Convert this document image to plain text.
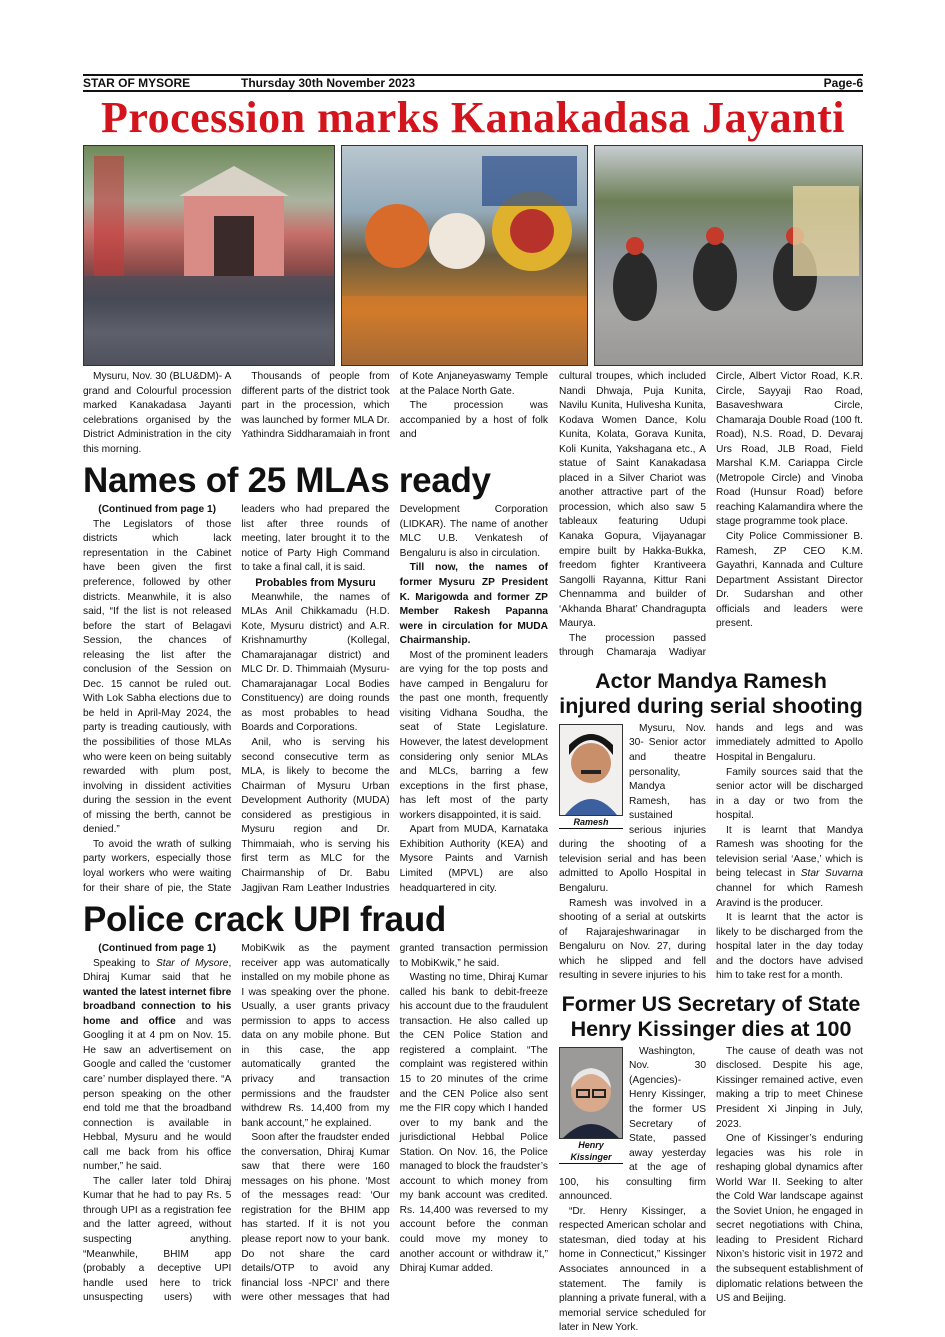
STAR OF MYSORE	Thursday 30th November 2023	Page-6
Procession marks Kanakadasa Jayanti

Mysuru, Nov. 30 (BLU&DM)- A grand and Colourful procession marked Kanakadasa Jayanti celebrations organised by the District Administration in the city this morning.

Thousands of people from different parts of the district took part in the procession, which was launched by former MLA Dr. Yathindra Siddharamaiah in front of Kote Anjaneyaswamy Temple at the Palace North Gate.

The procession was accompanied by a host of folk and

Names of 25 MLAs ready

(Continued from page 1)

The Legislators of those districts which lack representation in the Cabinet have been given the first preference, followed by other districts. Meanwhile, it is also said, “If the list is not released before the start of Belagavi Session, the chances of releasing the list after the conclusion of the Session on Dec. 15 cannot be ruled out. With Lok Sabha elections due to be held in April-May 2024, the party is treading cautiously, with the possibilities of those MLAs who were keen on being suitably rewarded with plum post, involving in dissident activities during the session in the event of missing the berth, cannot be denied.”

To avoid the wrath of sulking party workers, especially those loyal workers who were waiting for their share of pie, the State leaders who had prepared the list after three rounds of meeting, later brought it to the notice of Party High Command to take a final call, it is said.

Probables from Mysuru

Meanwhile, the names of MLAs Anil Chikkamadu (H.D. Kote, Mysuru district) and A.R. Krishnamurthy (Kollegal, Chamarajanagar district) and MLC Dr. D. Thimmaiah (Mysuru-Chamarajanagar Local Bodies Constituency) are doing rounds as most probables to head Boards and Corporations.

Anil, who is serving his second consecutive term as MLA, is likely to become the Chairman of Mysuru Urban Development Authority (MUDA) considered as prestigious in Mysuru region and Dr. Thimmaiah, who is serving his first term as MLC for the Chairmanship of Dr. Babu Jagjivan Ram Leather Industries Development Corporation (LIDKAR). The name of another MLC U.B. Venkatesh of Bengaluru is also in circulation.

Till now, the names of former Mysuru ZP President K. Marigowda and former ZP Member Rakesh Papanna were in circulation for MUDA Chairmanship.

Most of the prominent leaders are vying for the top posts and have camped in Bengaluru for the past one month, frequently visiting Vidhana Soudha, the seat of State Legislature. However, the latest development considering only senior MLAs and MLCs, barring a few exceptions in the first phase, has left most of the party workers disappointed, it is said.

Apart from MUDA, Karnataka Exhibition Authority (KEA) and Mysore Paints and Varnish Limited (MPVL) are also headquartered in city.

Police crack UPI fraud

(Continued from page 1)

Speaking to Star of Mysore, Dhiraj Kumar said that he wanted the latest internet fibre broadband connection to his home and office and was Googling it at 4 pm on Nov. 15. He saw an advertisement on Google and called the ‘customer care’ number displayed there. “A person speaking on the other end told me that the broadband connection is available in Hebbal, Mysuru and he would call me back from his office number,” he said.

The caller later told Dhiraj Kumar that he had to pay Rs. 5 through UPI as a registration fee and the latter agreed, without suspecting anything. “Meanwhile, BHIM app (probably a deceptive UPI handle used here to trick unsuspecting users) with MobiKwik as the payment receiver app was automatically installed on my mobile phone as I was speaking over the phone. Usually, a user grants privacy permission to apps to access data on any mobile phone. But in this case, the app automatically granted the privacy and transaction permissions and the fraudster withdrew Rs. 14,400 from my bank account,” he explained.

Soon after the fraudster ended the conversation, Dhiraj Kumar saw that there were 160 messages on his phone. ‘Most of the messages read: ‘Our registration for the BHIM app has started. If it is not you please report now to your bank. Do not share the card details/OTP to avoid any financial loss -NPCI’ and there were other messages that had granted transaction permission to MobiKwik,” he said.

Wasting no time, Dhiraj Kumar called his bank to debit-freeze his account due to the fraudulent transaction. He also called up the CEN Police Station and registered a complaint. “The complaint was registered within 15 to 20 minutes of the crime and the CEN Police also sent me the FIR copy which I handed over to my bank and the jurisdictional Hebbal Police Station. On Nov. 16, the Police managed to block the fraudster’s account to which money from my bank account was credited. Rs. 14,400 was reversed to my account before the conman could move my money to another account or withdraw it,” Dhiraj Kumar added.

cultural troupes, which included Nandi Dhwaja, Puja Kunita, Navilu Kunita, Hulivesha Kunita, Kodava Women Dance, Kolu Kunita, Kolata, Gorava Kunita, Koli Kunita, Yakshagana etc., A statue of Saint Kanakadasa placed in a Silver Chariot was another attractive part of the procession, which also saw 5 tableaux featuring Udupi Kanaka Gopura, Vijayanagar empire built by Hakka-Bukka, freedom fighter Krantiveera Sangolli Rayanna, Kittur Rani Chennamma and builder of ‘Akhanda Bharat’ Chandragupta Maurya.

The procession passed through Chamaraja Wadiyar Circle, Albert Victor Road, K.R. Circle, Sayyaji Rao Road, Basaveshwara Circle, Chamaraja Double Road (100 ft. Road), N.S. Road, D. Devaraj Urs Road, JLB Road, Field Marshal K.M. Cariappa Circle (Metropole Circle) and Vinoba Road (Hunsur Road) before reaching Kalamandira where the stage programme took place.

City Police Commissioner B. Ramesh, ZP CEO K.M. Gayathri, Kannada and Culture Department Assistant Director Dr. Sudarshan and other officials and leaders were present.

Actor Mandya Ramesh injured during serial shooting
Ramesh

Mysuru, Nov. 30- Senior actor and theatre personality, Mandya Ramesh, has sustained serious injuries during the shooting of a television serial and has been admitted to Apollo Hospital in Bengaluru.

Ramesh was involved in a shooting of a serial at outskirts of Rajarajeshwarinagar in Bengaluru on Nov. 27, during which he slipped and fell resulting in severe injuries to his hands and legs and was immediately admitted to Apollo Hospital in Bengaluru.

Family sources said that the senior actor will be discharged in a day or two from the hospital.

It is learnt that Mandya Ramesh was shooting for the television serial ‘Aase,’ which is being telecast in Star Suvarna channel for which Ramesh Aravind is the producer.

It is learnt that the actor is likely to be discharged from the hospital later in the day today and the doctors have advised him to take rest for a month.

Former US Secretary of State Henry Kissinger dies at 100
Henry Kissinger

Washington, Nov. 30 (Agencies)- Henry Kissinger, the former US Secretary of State, passed away yesterday at the age of 100, his consulting firm announced.

“Dr. Henry Kissinger, a respected American scholar and statesman, died today at his home in Connecticut,” Kissinger Associates announced in a statement. The family is planning a private funeral, with a memorial service scheduled for later in New York.

The cause of death was not disclosed. Despite his age, Kissinger remained active, even making a trip to meet Chinese President Xi Jinping in July, 2023.

One of Kissinger’s enduring legacies was his role in reshaping global dynamics after World War II. Seeking to alter the Cold War landscape against the Soviet Union, he engaged in secret negotiations with China, leading to President Richard Nixon’s historic visit in 1972 and the subsequent establishment of diplomatic relations between the US and Beijing.
